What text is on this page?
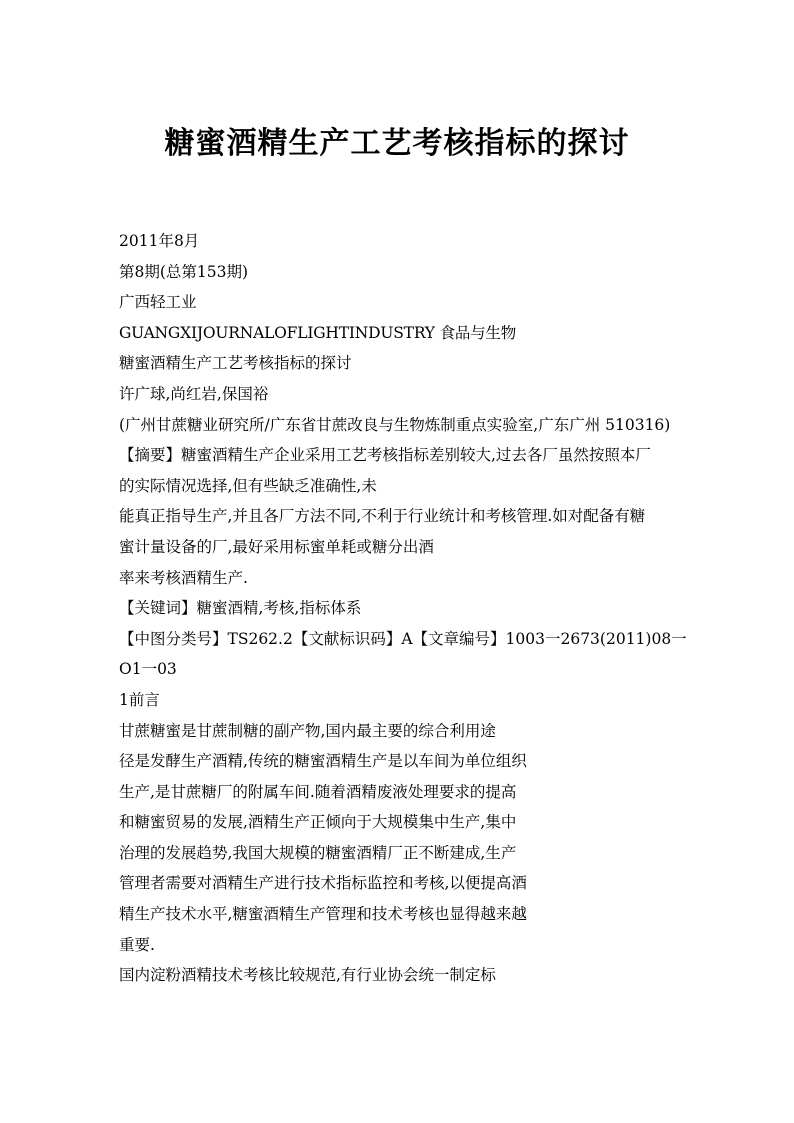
糖蜜酒精生产工艺考核指标的探讨
2011年8月
第8期(总第153期)
广西轻工业
GUANGXIJOURNALOFLIGHTINDUSTRY 食品与生物
糖蜜酒精生产工艺考核指标的探讨
许广球,尚红岩,保国裕
(广州甘蔗糖业研究所/广东省甘蔗改良与生物炼制重点实验室,广东广州 510316)
【摘要】糖蜜酒精生产企业采用工艺考核指标差别较大,过去各厂虽然按照本厂
的实际情况选择,但有些缺乏准确性,未
能真正指导生产,并且各厂方法不同,不利于行业统计和考核管理.如对配备有糖
蜜计量设备的厂,最好采用标蜜单耗或糖分出酒
率来考核酒精生产.
【关键词】糖蜜酒精,考核,指标体系
【中图分类号】TS262.2【文献标识码】A【文章编号】1003一2673(2011)08一
O1一03
1前言
甘蔗糖蜜是甘蔗制糖的副产物,国内最主要的综合利用途
径是发酵生产酒精,传统的糖蜜酒精生产是以车间为单位组织
生产,是甘蔗糖厂的附属车间.随着酒精废液处理要求的提高
和糖蜜贸易的发展,酒精生产正倾向于大规模集中生产,集中
治理的发展趋势,我国大规模的糖蜜酒精厂正不断建成,生产
管理者需要对酒精生产进行技术指标监控和考核,以便提高酒
精生产技术水平,糖蜜酒精生产管理和技术考核也显得越来越
重要.
国内淀粉酒精技术考核比较规范,有行业协会统一制定标
